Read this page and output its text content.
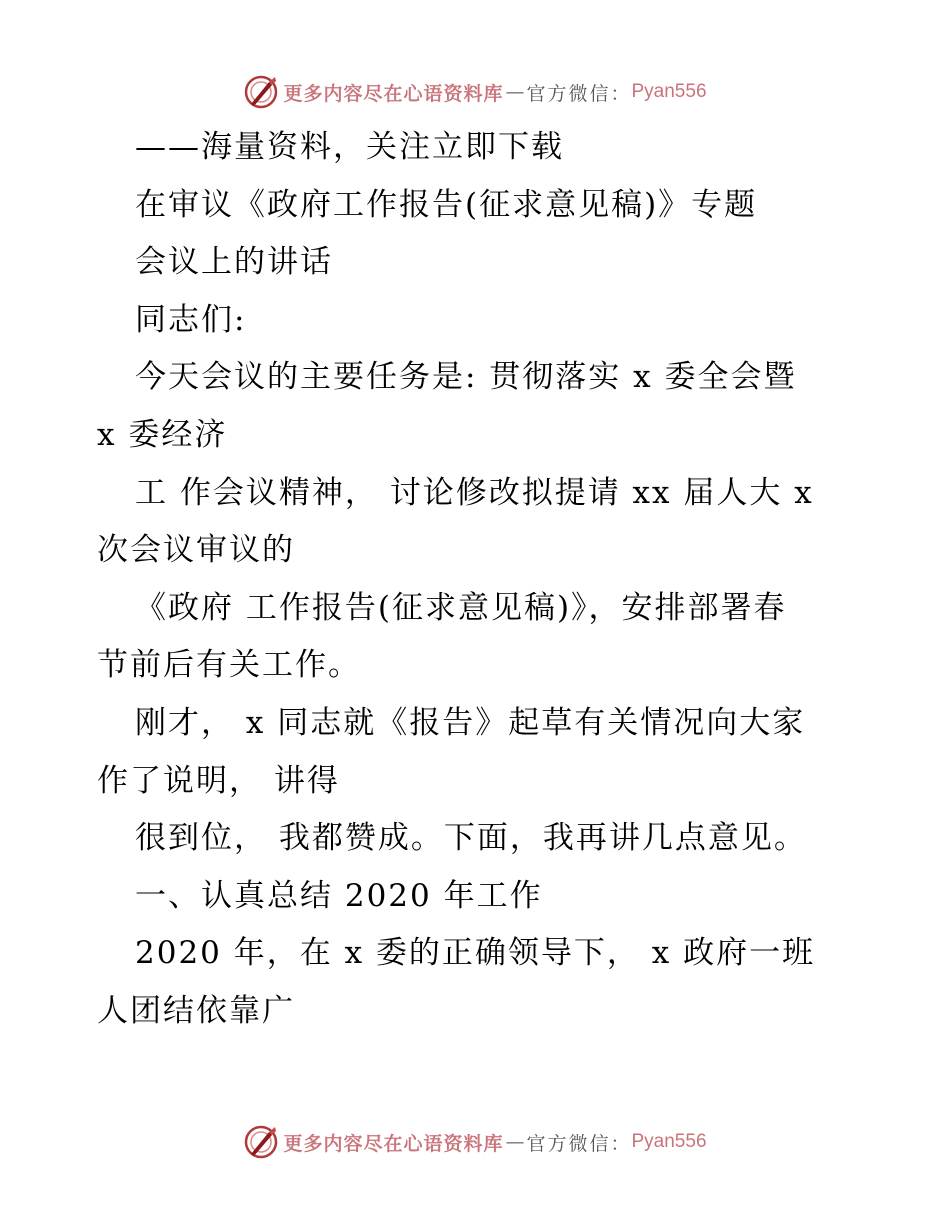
更多内容尽在心语资料库 — 官方微信： Pyan556
——海量资料，关注立即下载
在审议《政府工作报告(征求意见稿)》专题
会议上的讲话
同志们:
今天会议的主要任务是: 贯彻落实 x 委全会暨
x 委经济
工 作会议精神， 讨论修改拟提请 xx 届人大 x
次会议审议的
《政府 工作报告(征求意见稿)》，安排部署春
节前后有关工作。
刚才， x 同志就《报告》起草有关情况向大家
作了说明， 讲得
很到位， 我都赞成。下面，我再讲几点意见。
一、认真总结 2020 年工作
2020 年，在 x 委的正确领导下， x 政府一班
人团结依靠广
更多内容尽在心语资料库 — 官方微信： Pyan556
